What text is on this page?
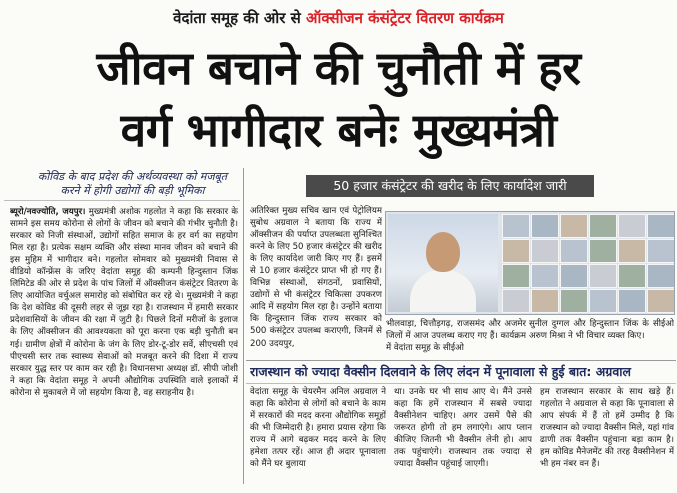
वेदांता समूह की ओर से ऑक्सीजन कंसंट्रेटर वितरण कार्यक्रम
जीवन बचाने की चुनौती में हर
वर्ग भागीदार बनेः मुख्यमंत्री
कोविड के बाद प्रदेश की अर्थव्यवस्था को मजबूत करने में होगी उद्योगों की बड़ी भूमिका	50 हजार कंसंट्रेटर की खरीद के लिए कार्यादेश जारी
ब्यूरो/नवज्योति, जयपुर। मुख्यमंत्री अशोक गहलोत ने कहा कि सरकार के सामने इस समय कोरोना से लोगों के जीवन को बचाने की गंभीर चुनौती है। सरकार को निजी संस्थाओं, उद्योगों सहित समाज के हर वर्ग का सहयोग मिल रहा है। प्रत्येक सक्षम व्यक्ति और संस्था मानव जीवन को बचाने की इस मुहिम में भागीदार बने। गहलोत सोमवार को मुख्यमंत्री निवास से वीडियो कॉन्फ्रेंस के जरिए वेदांता समूह की कम्पनी हिन्दुस्तान जिंक लिमिटेड की ओर से प्रदेश के पांच जिलों में ऑक्सीजन कंसंट्रेटर वितरण के लिए आयोजित वर्चुअल समारोह को संबोधित कर रहे थे। मुख्यमंत्री ने कहा कि देश कोविड की दूसरी लहर से जूझ रहा है। राजस्थान में हमारी सरकार प्रदेशवासियों के जीवन की रक्षा में जुटी है। पिछले दिनों मरीजों के इलाज के लिए ऑक्सीजन की आवश्यकता को पूरा करना एक बड़ी चुनौती बन गई। ग्रामीण क्षेत्रों में कोरोना के जंग के लिए डोर-टू-डोर सर्वे, सीएचसी एवं पीएचसी स्तर तक स्वास्थ्य सेवाओं को मजबूत करने की दिशा में राज्य सरकार युद्ध स्तर पर काम कर रही है। विधानसभा अध्यक्ष डॉ. सीपी जोशी ने कहा कि वेदांता समूह ने अपनी औद्योगिक उपस्थिति वाले इलाकों में कोरोना से मुकाबले में जो सहयोग किया है, वह सराहनीय है।
अतिरिक्त मुख्य सचिव खान एवं पेट्रोलियम सुबोध अग्रवाल ने बताया कि राज्य में ऑक्सीजन की पर्याप्त उपलब्धता सुनिश्चित करने के लिए 50 हजार कंसंट्रेटर की खरीद के लिए कार्यादेश जारी किए गए हैं। इसमें से 10 हजार कंसंट्रेटर प्राप्त भी हो गए हैं। विभिन्न संस्थाओं, संगठनों, प्रवासियों, उद्योगों से भी कंसंट्रेटर चिकित्सा उपकरण आदि में सहयोग मिल रहा है। उन्होंने बताया कि हिन्दुस्तान जिंक राज्य सरकार को 500 कंसंट्रेटर उपलब्ध कराएगी, जिनमें से 200 उदयपुर,
भीलवाड़ा, चित्तौड़गढ़, राजसमंद और अजमेर जिलों में आज उपलब्ध कराए गए हैं। कार्यक्रम में वेदांता समूह के सीईओ
सुनील दुग्गल और हिन्दुस्तान जिंक के सीईओ अरुण मिश्रा ने भी विचार व्यक्त किए।
राजस्थान को ज्यादा वैक्सीन दिलवाने के लिए लंदन में पूनावाला से हुई बात: अग्रवाल
वेदांता समूह के चेयरमैन अनिल अग्रवाल ने कहा कि कोरोना से लोगों को बचाने के काम में सरकारों की मदद करना औद्योगिक समूहों की भी जिम्मेदारी है। हमारा प्रयास रहेगा कि राज्य में आगे बढ़कर मदद करने के लिए हमेशा तत्पर रहें। आज ही अदार पूनावाला को मैंने घर बुलाया
था। उनके घर भी साथ आए थे। मैंने उनसे कहा कि हमें राजस्थान में सबसे ज्यादा वैक्सीनेशन चाहिए। अगर उसमें पैसे की जरूरत होगी तो हम लगाएंगे। आप प्लान कीजिए जितनी भी वैक्सीन लेनी हो। आप तक पहुंचाएंगे। राजस्थान तक ज्यादा से ज्यादा वैक्सीन पहुंचाई जाएगी।
हम राजस्थान सरकार के साथ खड़े हैं। गहलोत ने अग्रवाल से कहा कि पूनावाला से आप संपर्क में हैं तो हमें उम्मीद है कि राजस्थान को ज्यादा वैक्सीन मिले, यहां गांव ढाणी तक वैक्सीन पहुंचाना बड़ा काम है। हम कोविड मैनेजमेंट की तरह वैक्सीनेशन में भी हम नंबर वन हैं।
